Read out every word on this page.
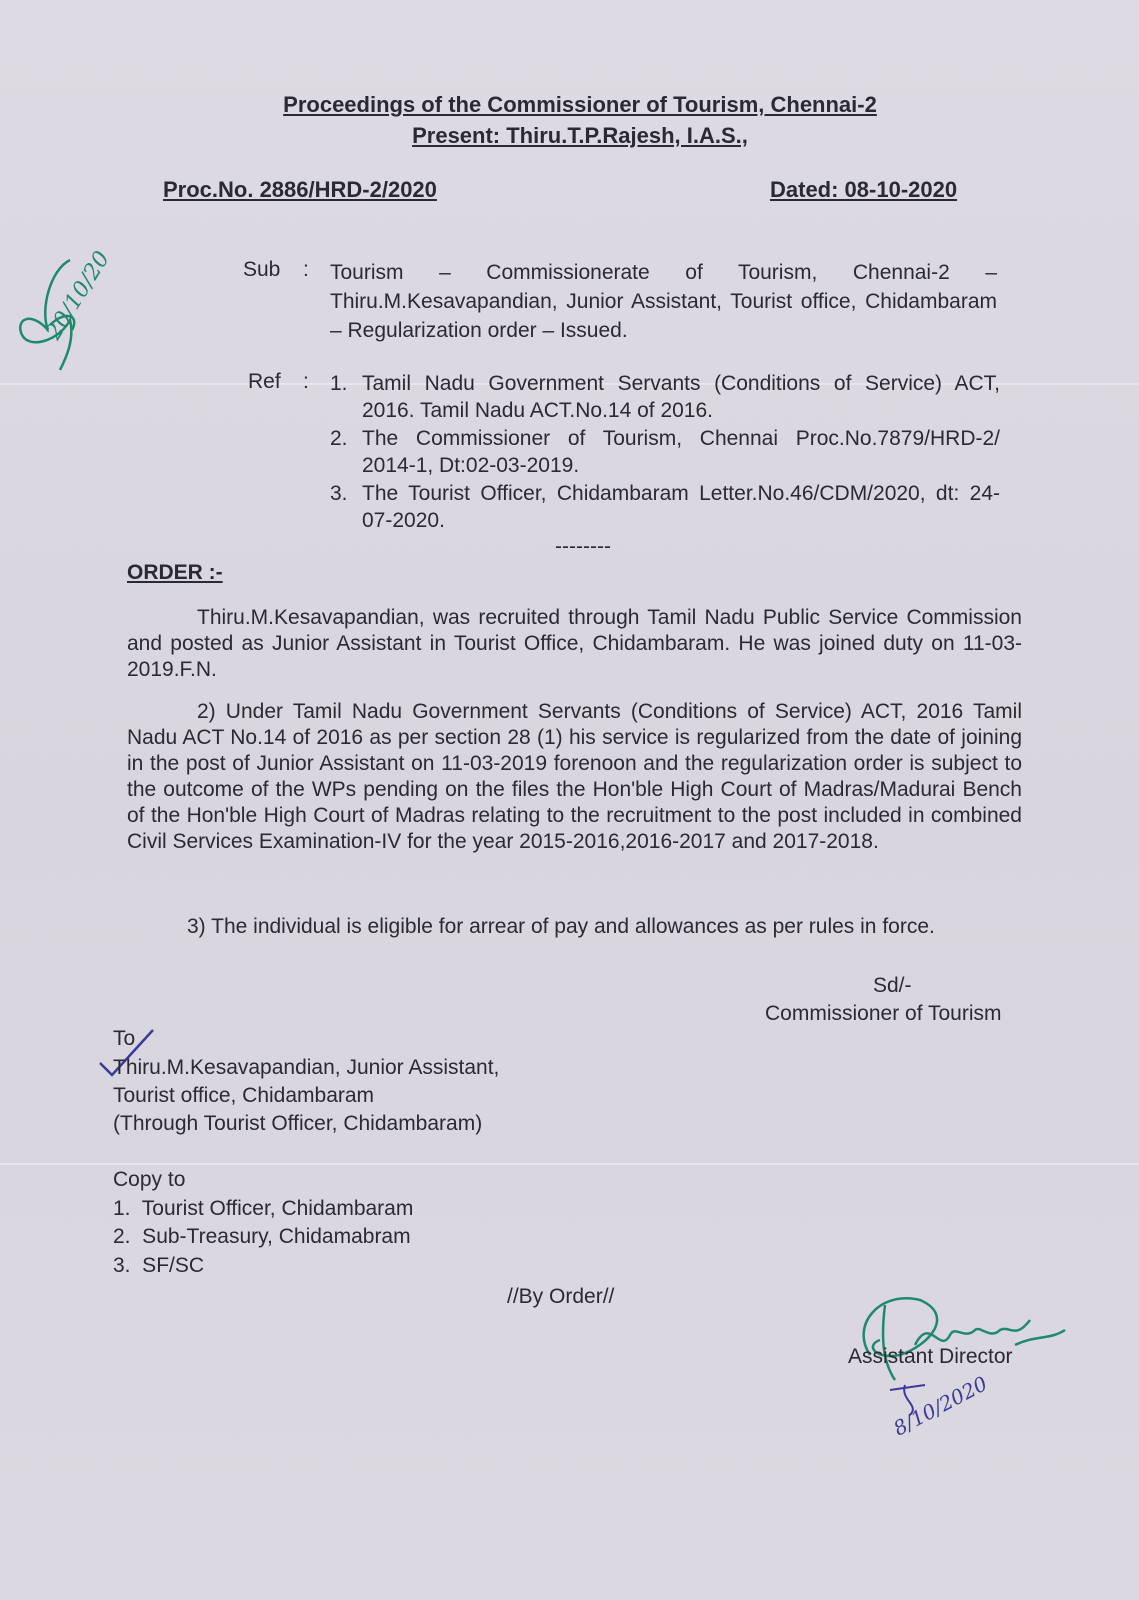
Proceedings of the Commissioner of Tourism, Chennai-2
Present: Thiru.T.P.Rajesh, I.A.S.,
Proc.No. 2886/HRD-2/2020	Dated: 08-10-2020
20/10/20	Sub	:	Tourism – Commissionerate of Tourism, Chennai-2 – Thiru.M.Kesavapandian, Junior Assistant, Tourist office, Chidambaram – Regularization order – Issued.
Ref	:	1. Tamil Nadu Government Servants (Conditions of Service) ACT, 2016. Tamil Nadu ACT.No.14 of 2016.
2. The Commissioner of Tourism, Chennai Proc.No.7879/HRD-2/ 2014-1, Dt:02-03-2019.
3. The Tourist Officer, Chidambaram Letter.No.46/CDM/2020, dt: 24-07-2020.
--------
ORDER :-
Thiru.M.Kesavapandian, was recruited through Tamil Nadu Public Service Commission and posted as Junior Assistant in Tourist Office, Chidambaram. He was joined duty on 11-03-2019.F.N.
2) Under Tamil Nadu Government Servants (Conditions of Service) ACT, 2016 Tamil Nadu ACT No.14 of 2016 as per section 28 (1) his service is regularized from the date of joining in the post of Junior Assistant on 11-03-2019 forenoon and the regularization order is subject to the outcome of the WPs pending on the files the Hon'ble High Court of Madras/Madurai Bench of the Hon'ble High Court of Madras relating to the recruitment to the post included in combined Civil Services Examination-IV for the year 2015-2016,2016-2017 and 2017-2018.
3) The individual is eligible for arrear of pay and allowances as per rules in force.
Sd/-
Commissioner of Tourism
To
Thiru.M.Kesavapandian, Junior Assistant,
Tourist office, Chidambaram
(Through Tourist Officer, Chidambaram)
Copy to
1.  Tourist Officer, Chidambaram
2.  Sub-Treasury, Chidamabram
3.  SF/SC
//By Order//
Assistant Director
8/10/2020
